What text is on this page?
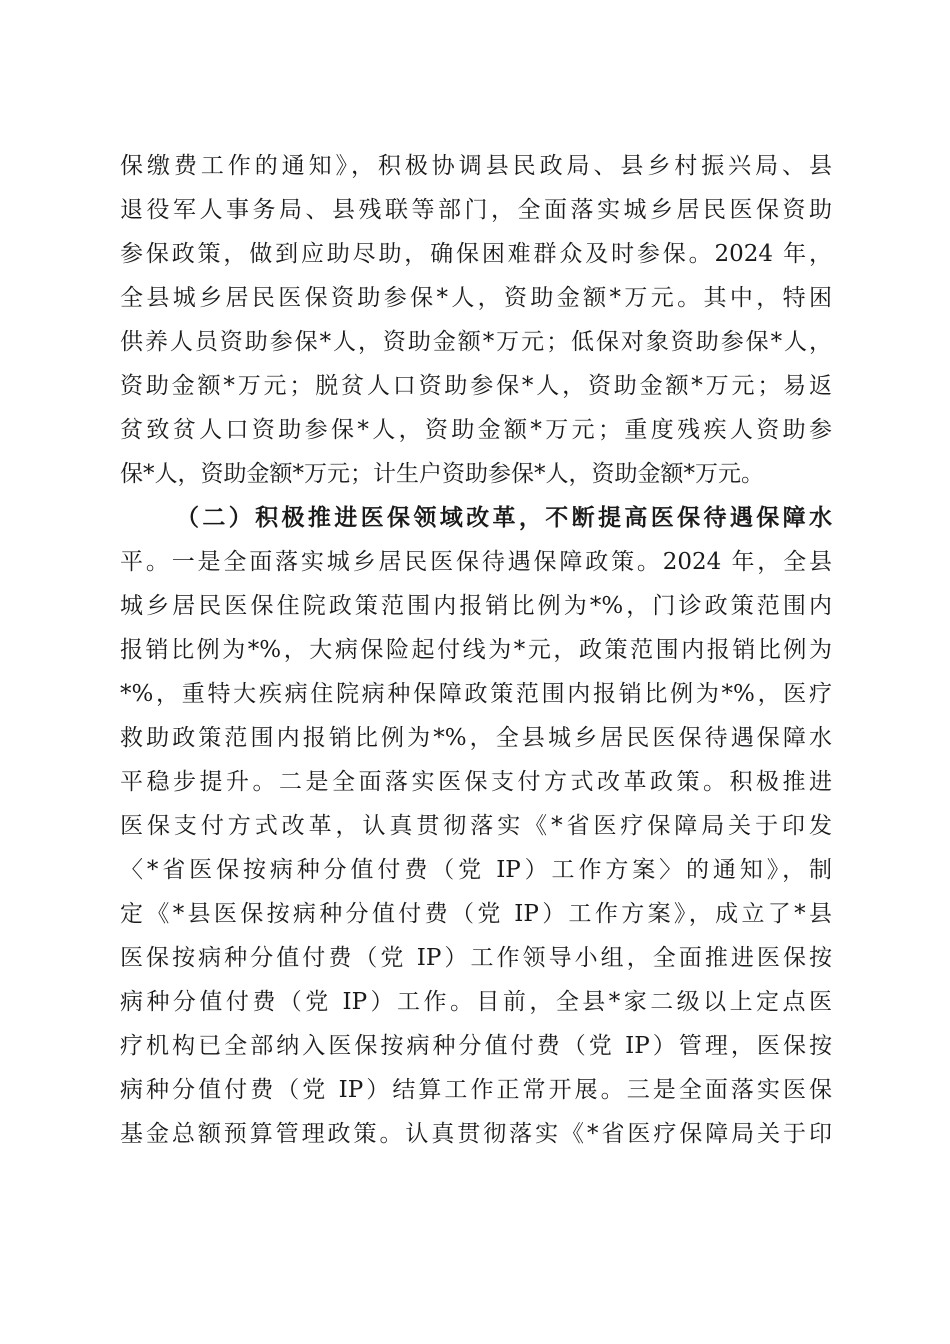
保缴费工作的通知》，积极协调县民政局、县乡村振兴局、县
退役军人事务局、县残联等部门，全面落实城乡居民医保资助
参保政策，做到应助尽助，确保困难群众及时参保。2024 年，
全县城乡居民医保资助参保*人，资助金额*万元。其中，特困
供养人员资助参保*人，资助金额*万元；低保对象资助参保*人，
资助金额*万元；脱贫人口资助参保*人，资助金额*万元；易返
贫致贫人口资助参保*人，资助金额*万元；重度残疾人资助参
保*人，资助金额*万元；计生户资助参保*人，资助金额*万元。
（二）积极推进医保领域改革，不断提高医保待遇保障水
平。一是全面落实城乡居民医保待遇保障政策。2024 年，全县
城乡居民医保住院政策范围内报销比例为*%，门诊政策范围内
报销比例为*%，大病保险起付线为*元，政策范围内报销比例为
*%，重特大疾病住院病种保障政策范围内报销比例为*%，医疗
救助政策范围内报销比例为*%，全县城乡居民医保待遇保障水
平稳步提升。二是全面落实医保支付方式改革政策。积极推进
医保支付方式改革，认真贯彻落实《*省医疗保障局关于印发
〈*省医保按病种分值付费（党 IP）工作方案〉的通知》，制
定《*县医保按病种分值付费（党 IP）工作方案》，成立了*县
医保按病种分值付费（党 IP）工作领导小组，全面推进医保按
病种分值付费（党 IP）工作。目前，全县*家二级以上定点医
疗机构已全部纳入医保按病种分值付费（党 IP）管理，医保按
病种分值付费（党 IP）结算工作正常开展。三是全面落实医保
基金总额预算管理政策。认真贯彻落实《*省医疗保障局关于印
